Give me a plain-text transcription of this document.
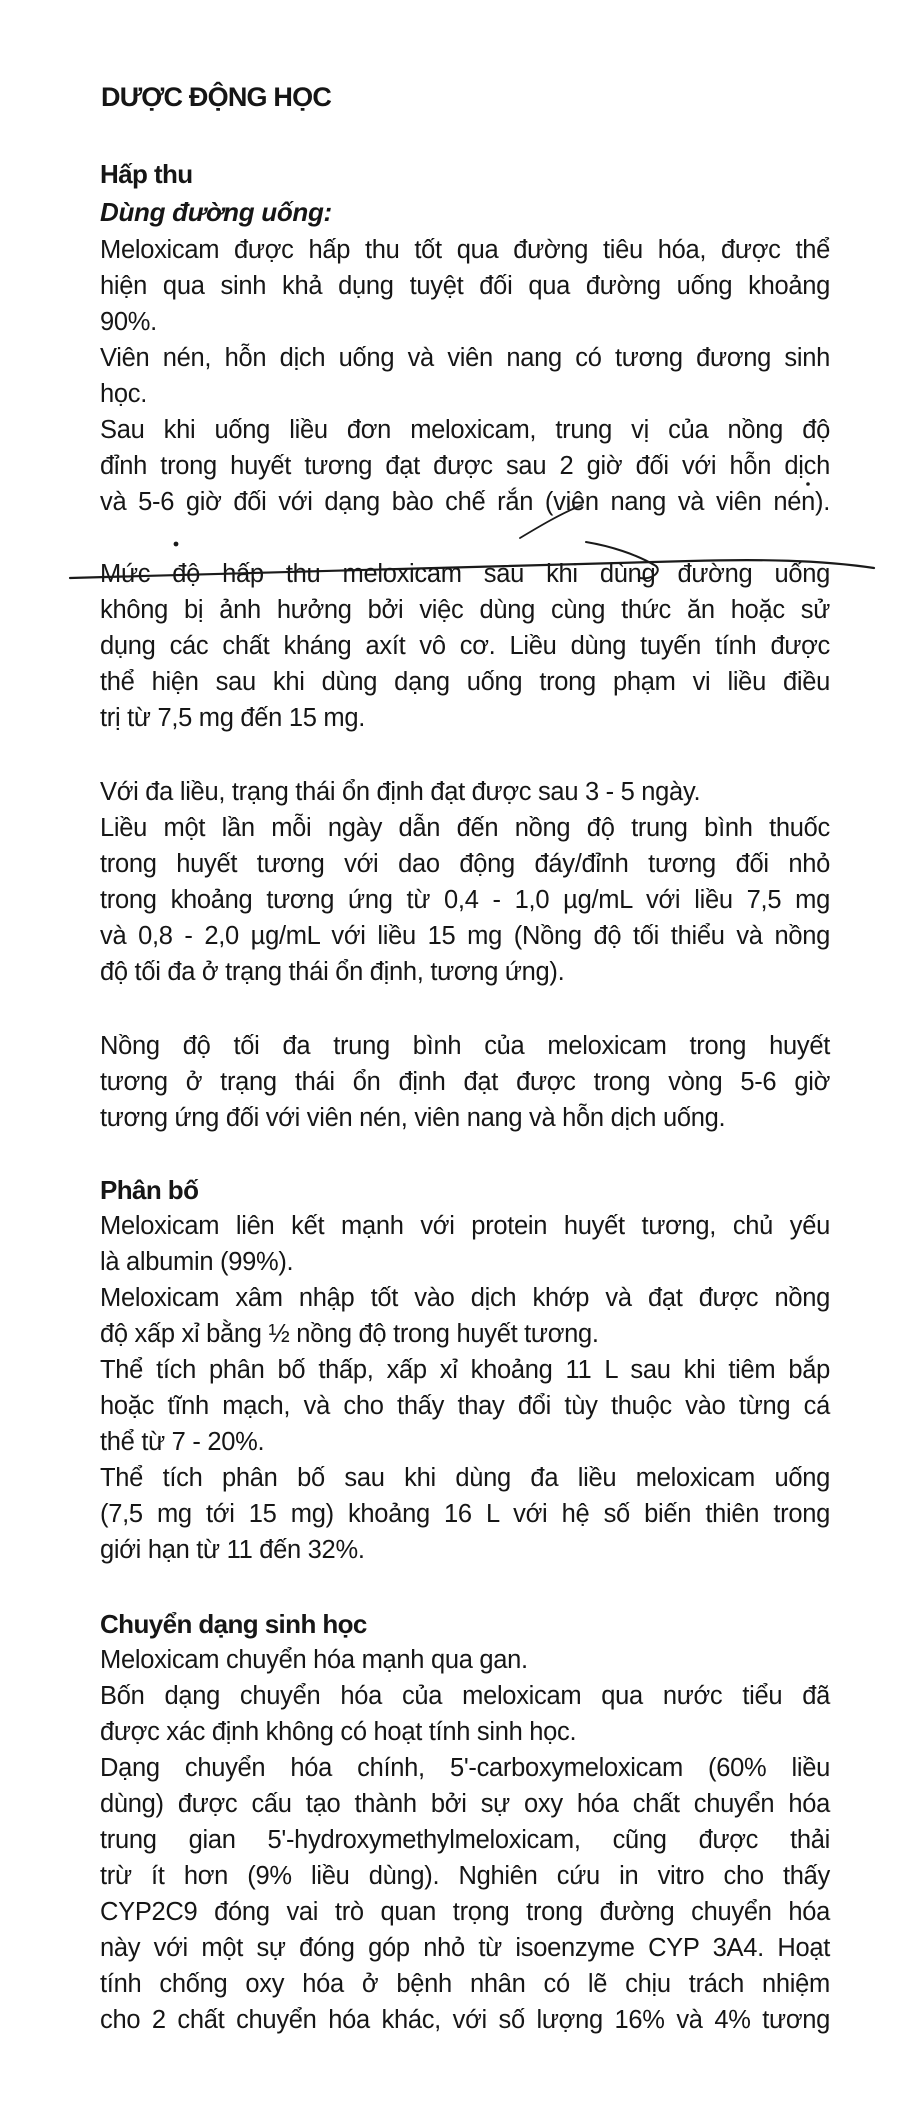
DƯỢC ĐỘNG HỌC

Hấp thu

Dùng đường uống:

Meloxicam được hấp thu tốt qua đường tiêu hóa, được thể

hiện qua sinh khả dụng tuyệt đối qua đường uống khoảng

90%.

Viên nén, hỗn dịch uống và viên nang có tương đương sinh

học.

Sau khi uống liều đơn meloxicam, trung vị của nồng độ

đỉnh trong huyết tương đạt được sau 2 giờ đối với hỗn dịch

và 5-6 giờ đối với dạng bào chế rắn (viên nang và viên nén).

Mức độ hấp thu meloxicam sau khi dùng đường uống

không bị ảnh hưởng bởi việc dùng cùng thức ăn hoặc sử

dụng các chất kháng axít vô cơ. Liều dùng tuyến tính được

thể hiện sau khi dùng dạng uống trong phạm vi liều điều

trị từ 7,5 mg đến 15 mg.

Với đa liều, trạng thái ổn định đạt được sau 3 - 5 ngày.

Liều một lần mỗi ngày dẫn đến nồng độ trung bình thuốc

trong huyết tương với dao động đáy/đỉnh tương đối nhỏ

trong khoảng tương ứng từ 0,4 - 1,0 µg/mL với liều 7,5 mg

và 0,8 - 2,0 µg/mL với liều 15 mg (Nồng độ tối thiểu và nồng

độ tối đa ở trạng thái ổn định, tương ứng).

Nồng độ tối đa trung bình của meloxicam trong huyết

tương ở trạng thái ổn định đạt được trong vòng 5-6 giờ

tương ứng đối với viên nén, viên nang và hỗn dịch uống.

Phân bố

Meloxicam liên kết mạnh với protein huyết tương, chủ yếu

là albumin (99%).

Meloxicam xâm nhập tốt vào dịch khớp và đạt được nồng

độ xấp xỉ bằng ½ nồng độ trong huyết tương.

Thể tích phân bố thấp, xấp xỉ khoảng 11 L sau khi tiêm bắp

hoặc tĩnh mạch, và cho thấy thay đổi tùy thuộc vào từng cá

thể từ 7 - 20%.

Thể tích phân bố sau khi dùng đa liều meloxicam uống

(7,5 mg tới 15 mg) khoảng 16 L với hệ số biến thiên trong

giới hạn từ 11 đến 32%.

Chuyển dạng sinh học

Meloxicam chuyển hóa mạnh qua gan.

Bốn dạng chuyển hóa của meloxicam qua nước tiểu đã

được xác định không có hoạt tính sinh học.

Dạng chuyển hóa chính, 5'-carboxymeloxicam (60% liều

dùng) được cấu tạo thành bởi sự oxy hóa chất chuyển hóa

trung gian 5'-hydroxymethylmeloxicam, cũng được thải

trừ ít hơn (9% liều dùng). Nghiên cứu in vitro cho thấy

CYP2C9 đóng vai trò quan trọng trong đường chuyển hóa

này với một sự đóng góp nhỏ từ isoenzyme CYP 3A4. Hoạt

tính chống oxy hóa ở bệnh nhân có lẽ chịu trách nhiệm

cho 2 chất chuyển hóa khác, với số lượng 16% và 4% tương
